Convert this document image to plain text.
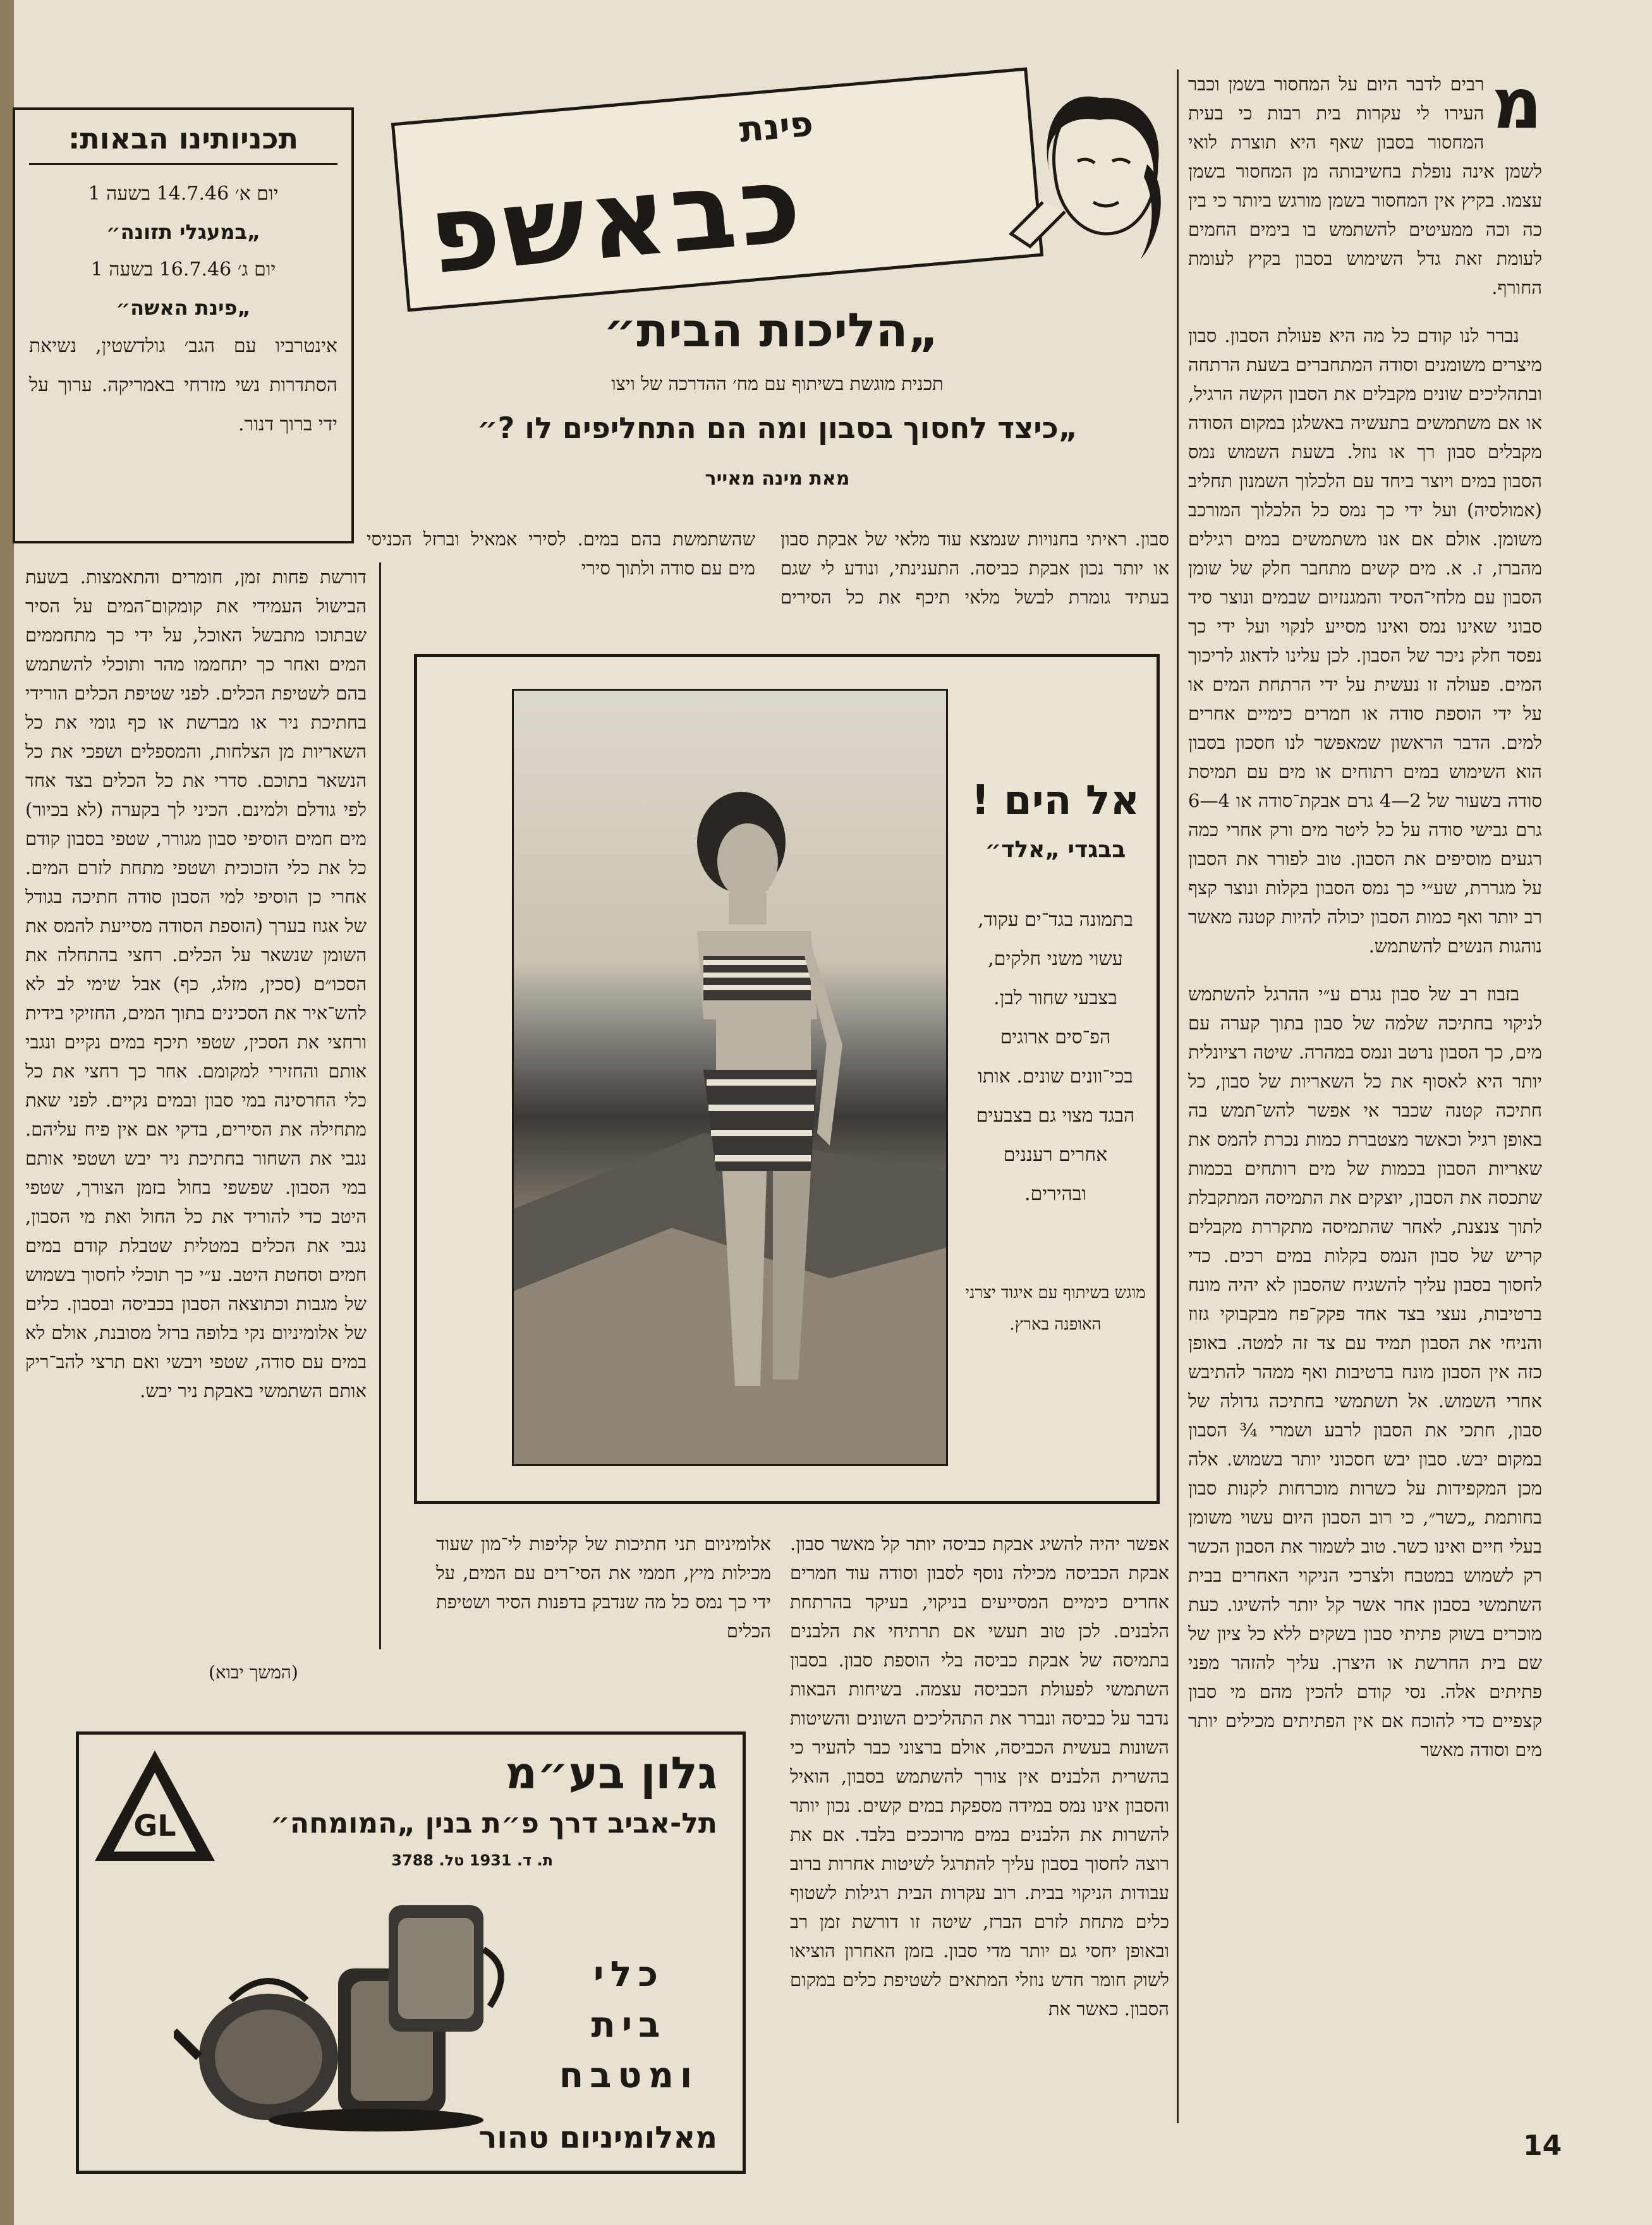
תכניותינו הבאות:
יום א׳ 14.7.46 בשעה 1
„במעגלי תזונה״
יום ג׳ 16.7.46 בשעה 1
„פינת האשה״
אינטרביו עם הגב׳ גולדשטין, נשיאת הסתדרות נשי מזרחי באמריקה. ערוך על ידי ברוך דנור.
פינת
כבאשפ
„הליכות הבית״
תכנית מוגשת בשיתוף עם מח׳ ההדרכה של ויצו
„כיצד לחסוך בסבון ומה הם התחליפים לו ?״
מאת מינה מאייר

מ
רבים לדבר היום על המחסור בשמן וכבר העירו לי עקרות בית רבות כי בעית המחסור בסבון שאף היא תוצרת לואי לשמן אינה נופלת בחשיבותה מן המחסור בשמן עצמו. בקיץ אין המחסור בשמן מורגש ביותר כי בין כה וכה ממעיטים להשתמש בו בימים החמים לעומת זאת גדל השימוש בסבון בקיץ לעומת החורף.

נברר לנו קודם כל מה היא פעולת הסבון. סבון מיצרים משומנים וסודה המתחברים בשעת הרתחה ובתהליכים שונים מקבלים את הסבון הקשה הרגיל, או אם משתמשים בתעשיה באשלגן במקום הסודה מקבלים סבון רך או נוזל. בשעת השמוש נמס הסבון במים ויוצר ביחד עם הלכלוך השמנון תחליב (אמולסיה) ועל ידי כך נמס כל הלכלוך המורכב משומן. אולם אם אנו משתמשים במים רגילים מהברז, ז. א. מים קשים מתחבר חלק של שומן הסבון עם מלחי־הסיד והמגנזיום שבמים ונוצר סיד סבוני שאינו נמס ואינו מסייע לנקוי ועל ידי כך נפסד חלק ניכר של הסבון. לכן עלינו לדאוג לריכוך המים. פעולה זו נעשית על ידי הרתחת המים או על ידי הוספת סודה או חמרים כימיים אחרים למים. הדבר הראשון שמאפשר לנו חסכון בסבון הוא השימוש במים רתוחים או מים עם תמיסת סודה בשעור של 2—4 גרם אבקת־סודה או 4—6 גרם גבישי סודה על כל ליטר מים ורק אחרי כמה רגעים מוסיפים את הסבון. טוב לפורר את הסבון על מגררת, שע״י כך נמס הסבון בקלות ונוצר קצף רב יותר ואף כמות הסבון יכולה להיות קטנה מאשר נוהגות הנשים להשתמש.

בזבוז רב של סבון נגרם ע״י ההרגל להשתמש לניקוי בחתיכה שלמה של סבון בתוך קערה עם מים, כך הסבון נרטב ונמס במהרה. שיטה רציונלית יותר היא לאסוף את כל השאריות של סבון, כל חתיכה קטנה שכבר אי אפשר להש־תמש בה באופן רגיל וכאשר מצטברת כמות נכרת להמס את שאריות הסבון בכמות של מים רותחים בכמות שתכסה את הסבון, יוצקים את התמיסה המתקבלת לתוך צנצנת, לאחר שהתמיסה מתקררת מקבלים קריש של סבון הנמס בקלות במים רכים. כדי לחסוך בסבון עליך להשגיח שהסבון לא יהיה מונח ברטיבות, נעצי בצד אחד פקק־פח מבקבוקי גזוז והניחי את הסבון תמיד עם צד זה למטה. באופן כזה אין הסבון מונח ברטיבות ואף ממהר להתיבש אחרי השמוש. אל תשתמשי בחתיכה גדולה של סבון, חתכי את הסבון לרבע ושמרי ¾ הסבון במקום יבש. סבון יבש חסכוני יותר בשמוש. אלה מכן המקפידות על כשרות מוכרחות לקנות סבון בחותמת „כשר״, כי רוב הסבון היום עשוי משומן בעלי חיים ואינו כשר. טוב לשמור את הסבון הכשר רק לשמוש במטבח ולצרכי הניקוי האחרים בבית השתמשי בסבון אחר אשר קל יותר להשיגו. כעת מוכרים בשוק פתיתי סבון בשקים ללא כל ציון של שם בית החרשת או היצרן. עליך להזהר מפני פתיתים אלה. נסי קודם להכין מהם מי סבון קצפיים כדי להוכח אם אין הפתיתים מכילים יותר מים וסודה מאשר

סבון. ראיתי בחנויות שנמצא עוד מלאי של אבקת סבון או יותר נכון אבקת כביסה. התענינתי, ונודע לי שגם בעתיד גומרת לבשל מלאי תיכף את כל הסירים שהשתמשת בהם במים. לסירי אמאיל וברזל הכניסי מים עם סודה ולתוך סירי
אל הים !
בבגדי „אלד״
בתמונה בגד־ים עקוד, עשוי משני חלקים, בצבעי שחור לבן. הפ־סים ארוגים בכי־וונים שונים. אותו הבגד מצוי גם בצבעים אחרים רעננים ובהירים.
מוגש בשיתוף עם איגוד יצרני האופנה בארץ.
אפשר יהיה להשיג אבקת כביסה יותר קל מאשר סבון. אבקת הכביסה מכילה נוסף לסבון וסודה עוד חמרים אחרים כימיים המסייעים בניקוי, בעיקר בהרתחת הלבנים. לכן טוב תעשי אם תרתיחי את הלבנים בתמיסה של אבקת כביסה בלי הוספת סבון. בסבון השתמשי לפעולת הכביסה עצמה. בשיחות הבאות נדבר על כביסה ונברר את התהליכים השונים והשיטות השונות בעשית הכביסה, אולם ברצוני כבר להעיר כי בהשרית הלבנים אין צורך להשתמש בסבון, הואיל והסבון אינו נמס במידה מספקת במים קשים. נכון יותר להשרות את הלבנים במים מרוככים בלבד. אם את רוצה לחסוך בסבון עליך להתרגל לשיטות אחרות ברוב עבודות הניקוי בבית. רוב עקרות הבית רגילות לשטוף כלים מתחת לזרם הברז, שיטה זו דורשת זמן רב ובאופן יחסי גם יותר מדי סבון. בזמן האחרון הוציאו לשוק חומר חדש נוזלי המתאים לשטיפת כלים במקום הסבון. כאשר את
אלומיניום תני חתיכות של קליפות לי־מון שעוד מכילות מיץ, חממי את הסי־רים עם המים, על ידי כך נמס כל מה שנדבק בדפנות הסיר ושטיפת הכלים
דורשת פחות זמן, חומרים והתאמצות. בשעת הבישול העמידי את קומקום־המים על הסיר שבתוכו מתבשל האוכל, על ידי כך מתחממים המים ואחר כך יתחממו מהר ותוכלי להשתמש בהם לשטיפת הכלים. לפני שטיפת הכלים הורידי בחתיכת ניר או מברשת או כף גומי את כל השאריות מן הצלחות, והמספלים ושפכי את כל הנשאר בתוכם. סדרי את כל הכלים בצד אחד לפי גודלם ולמינם. הכיני לך בקערה (לא בכיור) מים חמים הוסיפי סבון מגורר, שטפי בסבון קודם כל את כלי הזכוכית ושטפי מתחת לזרם המים. אחרי כן הוסיפי למי הסבון סודה חתיכה בגודל של אגוז בערך (הוספת הסודה מסייעת להמס את השומן שנשאר על הכלים. רחצי בהתחלה את הסכו״ם (סכין, מזלג, כף) אבל שימי לב לא להש־איר את הסכינים בתוך המים, החזיקי בידית ורחצי את הסכין, שטפי תיכף במים נקיים ונגבי אותם והחזירי למקומם. אחר כך רחצי את כל כלי החרסינה במי סבון ובמים נקיים. לפני שאת מתחילה את הסירים, בדקי אם אין פיח עליהם. נגבי את השחור בחתיכת ניר יבש ושטפי אותם במי הסבון. שפשפי בחול בזמן הצורך, שטפי היטב כדי להוריד את כל החול ואת מי הסבון, נגבי את הכלים במטלית שטבלת קודם במים חמים וסחטת היטב. ע״י כך תוכלי לחסוך בשמוש של מגבות וכתוצאה הסבון בכביסה ובסבון. כלים של אלומיניום נקי בלופה ברזל מסובנת, אולם לא במים עם סודה, שטפי ויבשי ואם תרצי להב־ריק אותם השתמשי באבקת ניר יבש.
(המשך יבוא)
גלון בע״מ
תל-אביב דרך פ״ת בנין „המומחה״
ת. ד. 1931 טל. 3788
כלי
בית
ומטבח
מאלומיניום טהור
GL
14
